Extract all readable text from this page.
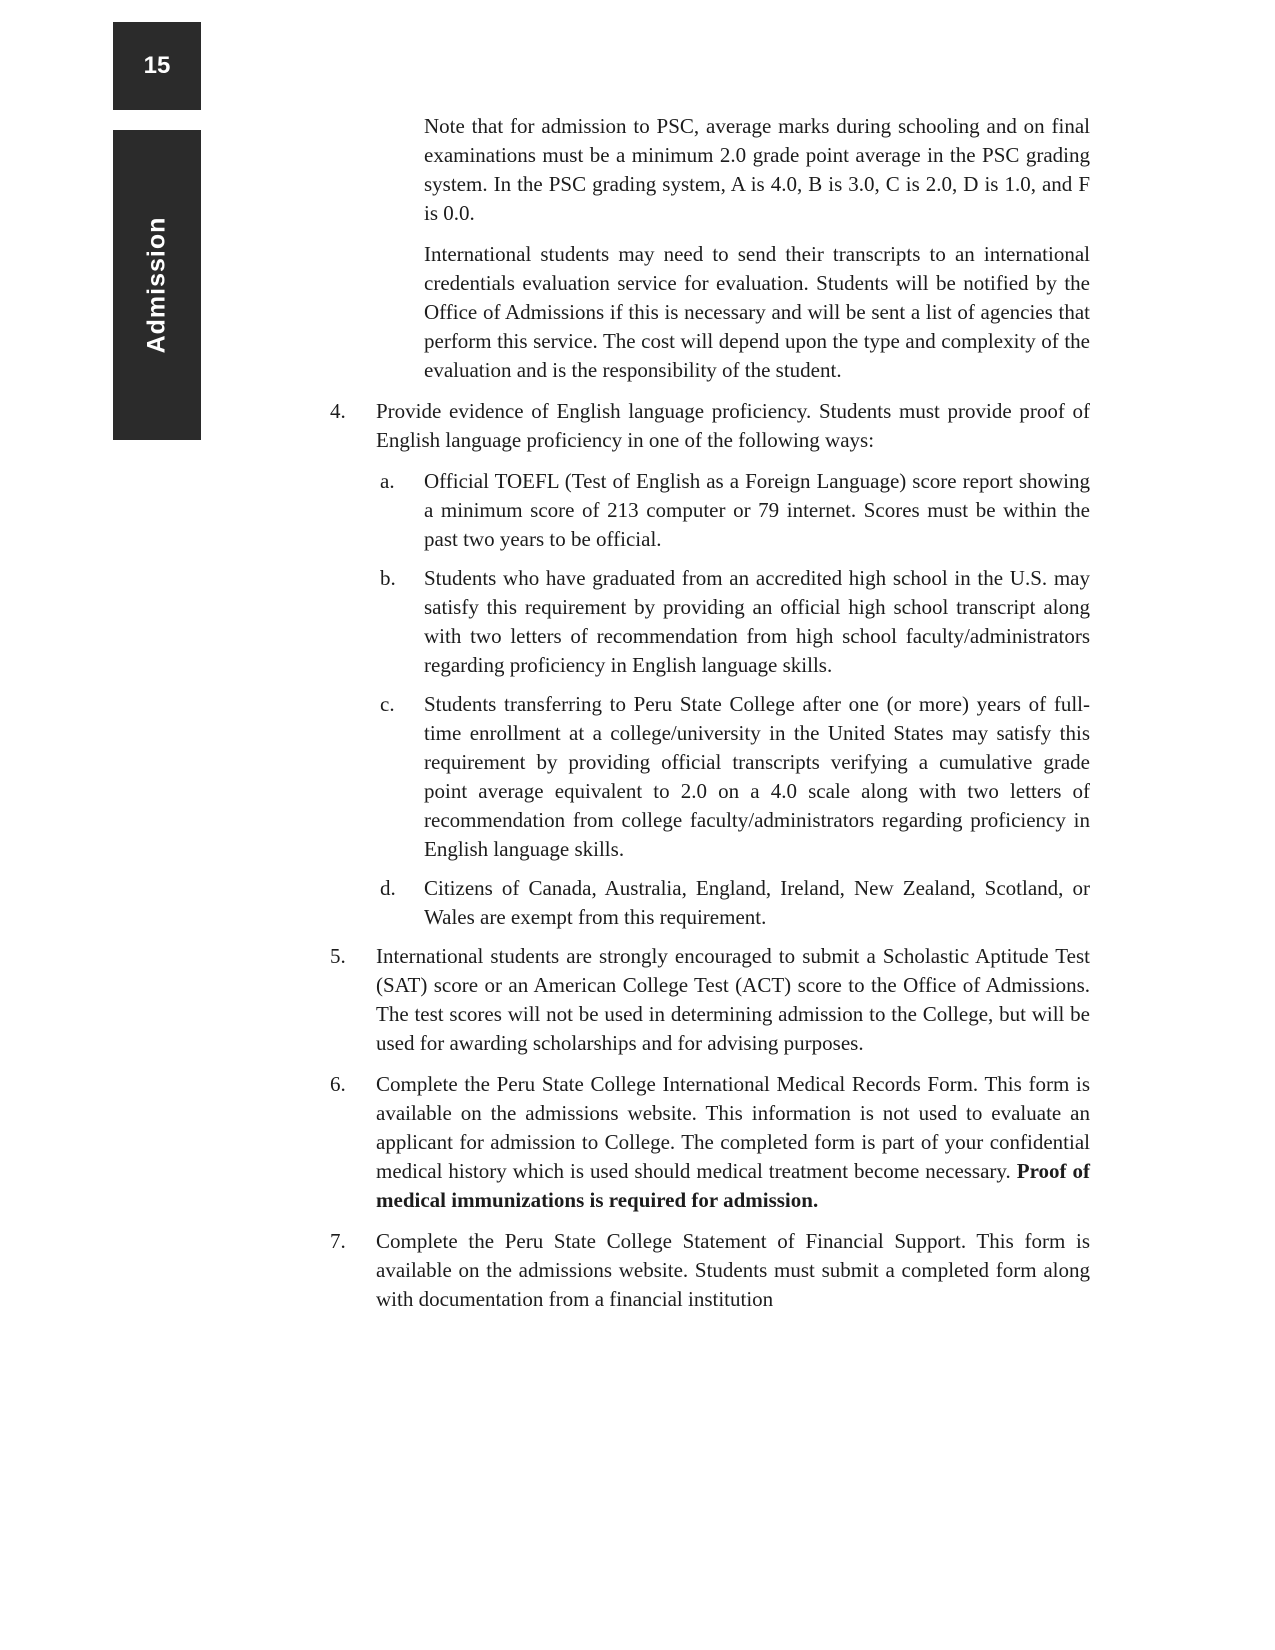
15
Admission

Note that for admission to PSC, average marks during schooling and on final examinations must be a minimum 2.0 grade point average in the PSC grading system. In the PSC grading system, A is 4.0, B is 3.0, C is 2.0, D is 1.0, and F is 0.0.

International students may need to send their transcripts to an international credentials evaluation service for evaluation. Students will be notified by the Office of Admissions if this is necessary and will be sent a list of agencies that perform this service. The cost will depend upon the type and complexity of the evaluation and is the responsibility of the student.

4. Provide evidence of English language proficiency. Students must provide proof of English language proficiency in one of the following ways:
a. Official TOEFL (Test of English as a Foreign Language) score report showing a minimum score of 213 computer or 79 internet. Scores must be within the past two years to be official.
b. Students who have graduated from an accredited high school in the U.S. may satisfy this requirement by providing an official high school transcript along with two letters of recommendation from high school faculty/administrators regarding proficiency in English language skills.
c. Students transferring to Peru State College after one (or more) years of full-time enrollment at a college/university in the United States may satisfy this requirement by providing official transcripts verifying a cumulative grade point average equivalent to 2.0 on a 4.0 scale along with two letters of recommendation from college faculty/administrators regarding proficiency in English language skills.
d. Citizens of Canada, Australia, England, Ireland, New Zealand, Scotland, or Wales are exempt from this requirement.
5. International students are strongly encouraged to submit a Scholastic Aptitude Test (SAT) score or an American College Test (ACT) score to the Office of Admissions. The test scores will not be used in determining admission to the College, but will be used for awarding scholarships and for advising purposes.
6. Complete the Peru State College International Medical Records Form. This form is available on the admissions website. This information is not used to evaluate an applicant for admission to College. The completed form is part of your confidential medical history which is used should medical treatment become necessary. Proof of medical immunizations is required for admission.
7. Complete the Peru State College Statement of Financial Support. This form is available on the admissions website. Students must submit a completed form along with documentation from a financial institution
